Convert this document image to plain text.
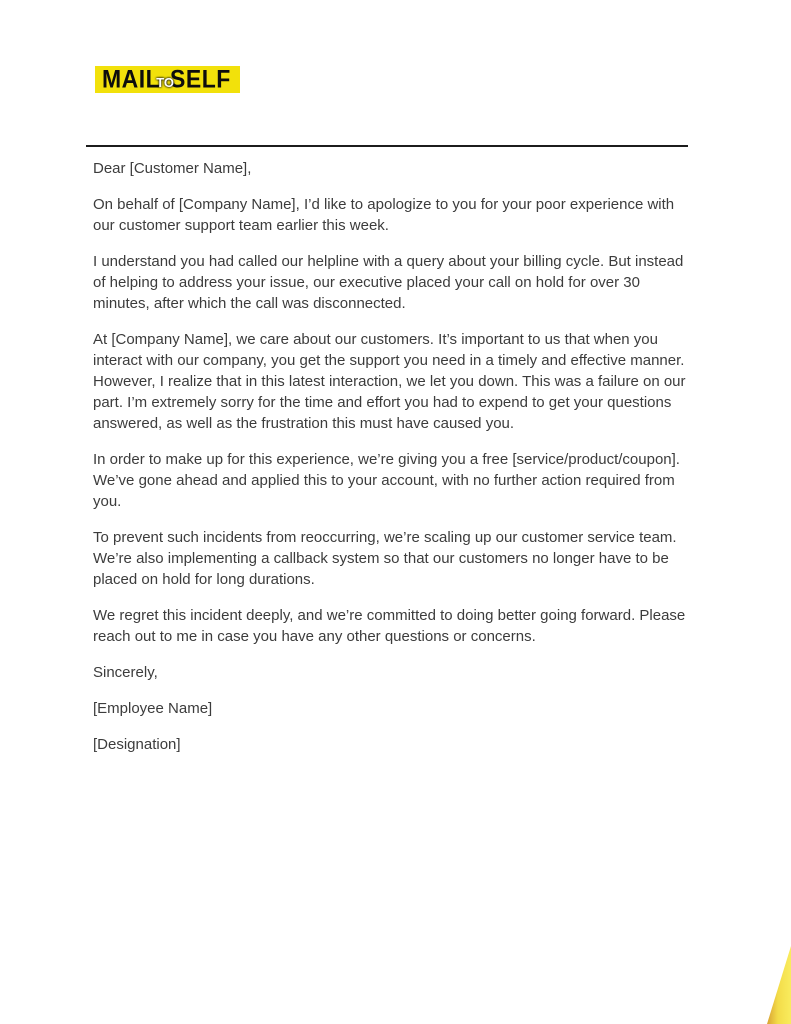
MAIL
TO
SELF

Dear [Customer Name],

On behalf of [Company Name], I’d like to apologize to you for your poor experience with our customer support team earlier this week.

I understand you had called our helpline with a query about your billing cycle. But instead of helping to address your issue, our executive placed your call on hold for over 30 minutes, after which the call was disconnected.

At [Company Name], we care about our customers. It’s important to us that when you interact with our company, you get the support you need in a timely and effective manner. However, I realize that in this latest interaction, we let you down. This was a failure on our part. I’m extremely sorry for the time and effort you had to expend to get your questions answered, as well as the frustration this must have caused you.

In order to make up for this experience, we’re giving you a free [service/product/coupon]. We’ve gone ahead and applied this to your account, with no further action required from you.

To prevent such incidents from reoccurring, we’re scaling up our customer service team. We’re also implementing a callback system so that our customers no longer have to be placed on hold for long durations.

We regret this incident deeply, and we’re committed to doing better going forward. Please reach out to me in case you have any other questions or concerns.

Sincerely,

[Employee Name]

[Designation]
